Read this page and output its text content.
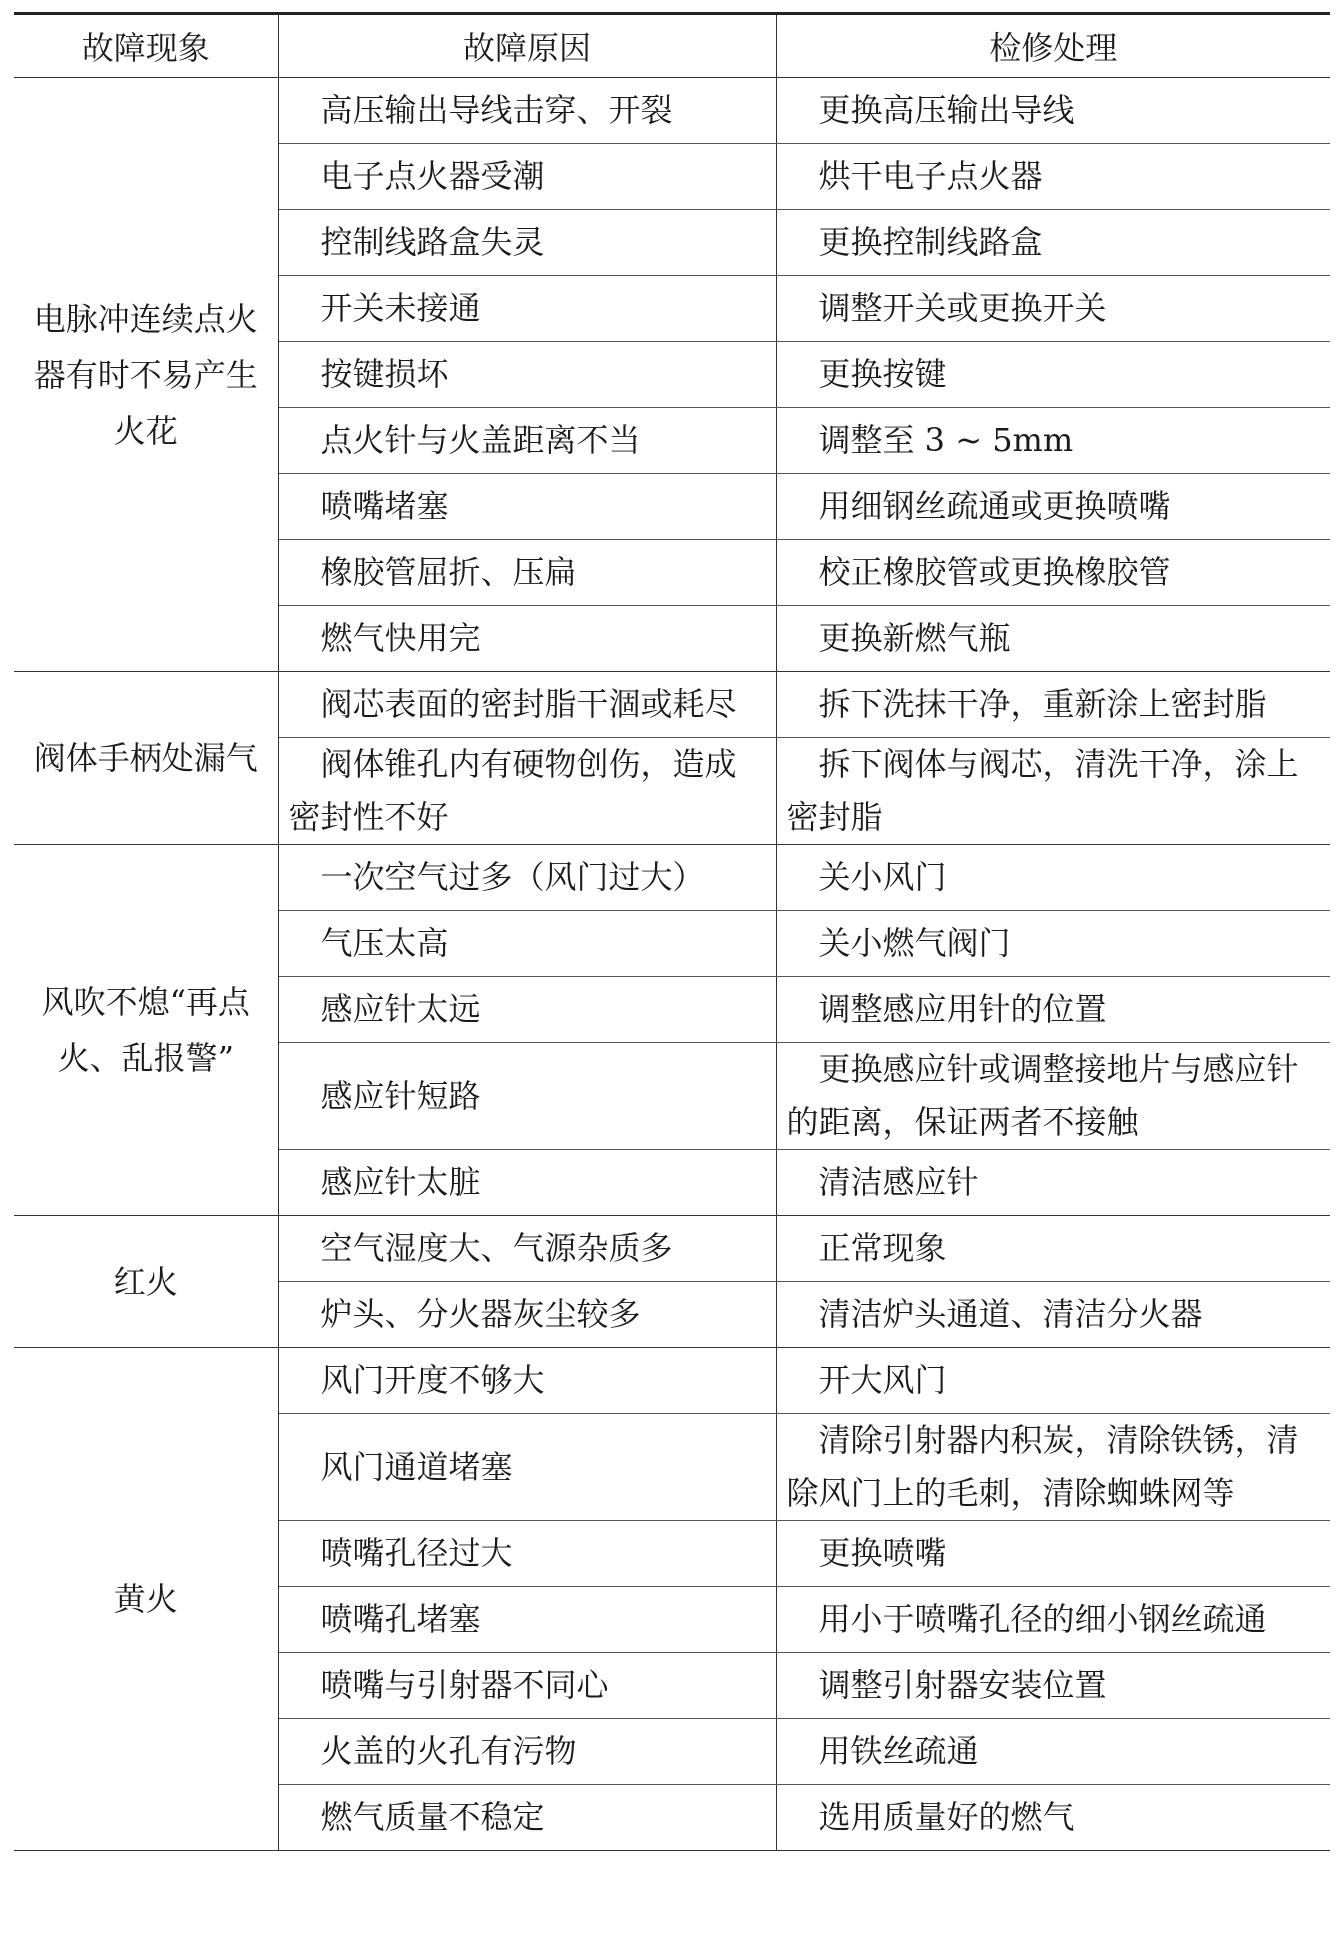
故障现象	故障原因	检修处理
电脉冲连续点火器有时不易产生火花	高压输出导线击穿、开裂	更换高压输出导线
	电子点火器受潮	烘干电子点火器
	控制线路盒失灵	更换控制线路盒
	开关未接通	调整开关或更换开关
	按键损坏	更换按键
	点火针与火盖距离不当	调整至 3 ~ 5mm
	喷嘴堵塞	用细钢丝疏通或更换喷嘴
	橡胶管屈折、压扁	校正橡胶管或更换橡胶管
	燃气快用完	更换新燃气瓶
阀体手柄处漏气	阀芯表面的密封脂干涸或耗尽	拆下洗抹干净，重新涂上密封脂
	阀体锥孔内有硬物创伤，造成密封性不好	拆下阀体与阀芯，清洗干净，涂上密封脂
风吹不熄“再点火、乱报警”	一次空气过多（风门过大）	关小风门
	气压太高	关小燃气阀门
	感应针太远	调整感应用针的位置
	感应针短路	更换感应针或调整接地片与感应针的距离，保证两者不接触
	感应针太脏	清洁感应针
红火	空气湿度大、气源杂质多	正常现象
	炉头、分火器灰尘较多	清洁炉头通道、清洁分火器
黄火	风门开度不够大	开大风门
	风门通道堵塞	清除引射器内积炭，清除铁锈，清除风门上的毛刺，清除蜘蛛网等
	喷嘴孔径过大	更换喷嘴
	喷嘴孔堵塞	用小于喷嘴孔径的细小钢丝疏通
	喷嘴与引射器不同心	调整引射器安装位置
	火盖的火孔有污物	用铁丝疏通
	燃气质量不稳定	选用质量好的燃气
